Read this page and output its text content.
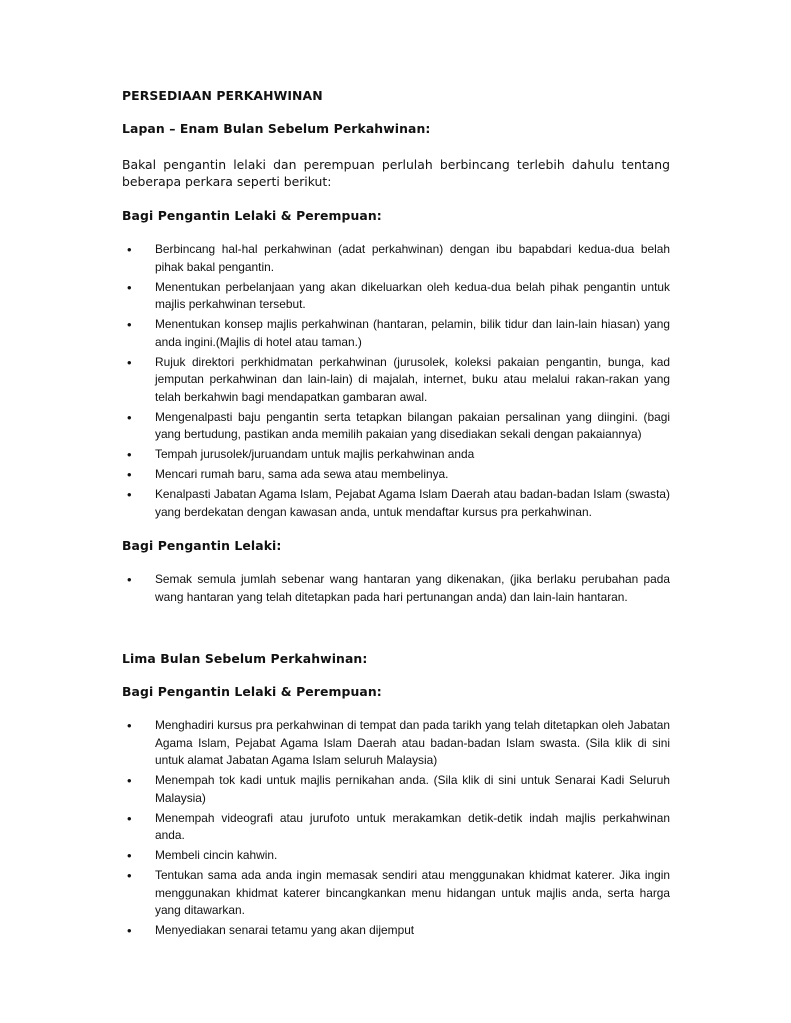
PERSEDIAAN PERKAHWINAN

Lapan – Enam Bulan Sebelum Perkahwinan:

Bakal pengantin lelaki dan perempuan perlulah berbincang terlebih dahulu tentang beberapa perkara seperti berikut:

Bagi Pengantin Lelaki & Perempuan:

• Berbincang hal-hal perkahwinan (adat perkahwinan) dengan ibu bapabdari kedua-dua belah pihak bakal pengantin.
• Menentukan perbelanjaan yang akan dikeluarkan oleh kedua-dua belah pihak pengantin untuk majlis perkahwinan tersebut.
• Menentukan konsep majlis perkahwinan (hantaran, pelamin, bilik tidur dan lain-lain hiasan) yang anda ingini.(Majlis di hotel atau taman.)
• Rujuk direktori perkhidmatan perkahwinan (jurusolek, koleksi pakaian pengantin, bunga, kad jemputan perkahwinan dan lain-lain) di majalah, internet, buku atau melalui rakan-rakan yang telah berkahwin bagi mendapatkan gambaran awal.
• Mengenalpasti baju pengantin serta tetapkan bilangan pakaian persalinan yang diingini. (bagi yang bertudung, pastikan anda memilih pakaian yang disediakan sekali dengan pakaiannya)
• Tempah jurusolek/juruandam untuk majlis perkahwinan anda
• Mencari rumah baru, sama ada sewa atau membelinya.
• Kenalpasti Jabatan Agama Islam, Pejabat Agama Islam Daerah atau badan-badan Islam (swasta) yang berdekatan dengan kawasan anda, untuk mendaftar kursus pra perkahwinan.

Bagi Pengantin Lelaki:

• Semak semula jumlah sebenar wang hantaran yang dikenakan, (jika berlaku perubahan pada wang hantaran yang telah ditetapkan pada hari pertunangan anda) dan lain-lain hantaran.

Lima Bulan Sebelum Perkahwinan:

Bagi Pengantin Lelaki & Perempuan:

• Menghadiri kursus pra perkahwinan di tempat dan pada tarikh yang telah ditetapkan oleh Jabatan Agama Islam, Pejabat Agama Islam Daerah atau badan-badan Islam swasta. (Sila klik di sini untuk alamat Jabatan Agama Islam seluruh Malaysia)
• Menempah tok kadi untuk majlis pernikahan anda. (Sila klik di sini untuk Senarai Kadi Seluruh Malaysia)
• Menempah videografi atau jurufoto untuk merakamkan detik-detik indah majlis perkahwinan anda.
• Membeli cincin kahwin.
• Tentukan sama ada anda ingin memasak sendiri atau menggunakan khidmat katerer. Jika ingin menggunakan khidmat katerer bincangkankan menu hidangan untuk majlis anda, serta harga yang ditawarkan.
• Menyediakan senarai tetamu yang akan dijemput
